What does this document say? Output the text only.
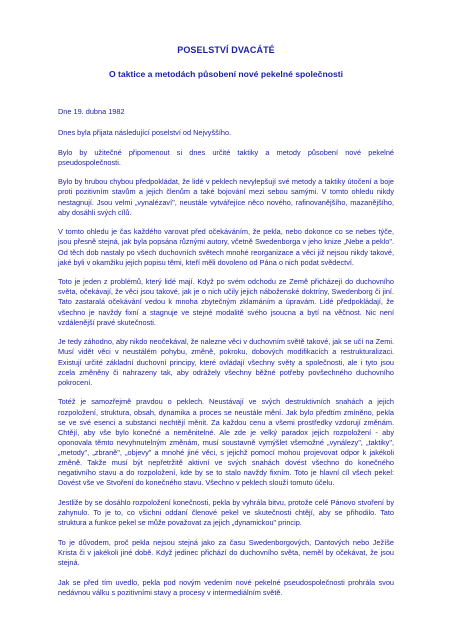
POSELSTVÍ DVACÁTÉ
O taktice a metodách působení nové pekelné společnosti
Dne 19. dubna 1982
Dnes byla přijata následující poselství od Nejvyššího.
Bylo by užitečné připomenout si dnes určité taktiky a metody působení nové pekelné pseudospolečnosti.
Bylo by hrubou chybou předpokládat, že lidé v peklech nevylepšují své metody a taktiky útočení a boje proti pozitivním stavům a jejich členům a také bojování mezi sebou samými. V tomto ohledu nikdy nestagnují. Jsou velmi „vynalézaví", neustále vytvářejíce něco nového, rafinovanějšího, mazanějšího, aby dosáhli svých cílů.
V tomto ohledu je čas každého varovat před očekáváním, že pekla, nebo dokonce co se nebes týče, jsou přesně stejná, jak byla popsána různými autory, včetně Swedenborga v jeho knize „Nebe a peklo". Od těch dob nastaly po všech duchovních světech mnohé reorganizace a věci již nejsou nikdy takové, jaké byli v okamžiku jejich popisu těmi, kteří měli dovoleno od Pána o nich podat svědectví.
Toto je jeden z problémů, který lidé mají. Když po svém odchodu ze Země přicházejí do duchovního světa, očekávají, že věci jsou takové, jak je o nich učily jejich náboženské doktríny, Swedenborg či jiní. Tato zastaralá očekávání vedou k mnoha zbytečným zklamáním a úpravám. Lidé předpokládají, že všechno je navždy fixní a stagnuje ve stejné modalitě svého jsoucna a bytí na věčnost. Nic není vzdálenější pravé skutečnosti.
Je tedy záhodno, aby nikdo neočekával, že nalezne věci v duchovním světě takové, jak se učí na Zemi. Musí vidět věci v neustálém pohybu, změně, pokroku, dobových modifikacích a restrukturalizaci. Existují určité základní duchovní principy, které ovládají všechny světy a společnosti, ale i tyto jsou zcela změněny či nahrazeny tak, aby odrážely všechny běžné potřeby povšechného duchovního pokrocení.
Totéž je samozřejmě pravdou o peklech. Neustávají ve svých destruktivních snahách a jejich rozpoložení, struktura, obsah, dynamika a proces se neustále mění. Jak bylo předtím zmíněno, pekla se ve své esenci a substanci nechtějí měnit. Za každou cenu a všemi prostředky vzdorují změnám. Chtějí, aby vše bylo konečné a neměnitelné. Ale zde je velký paradox jejich rozpoložení - aby oponovala těmto nevyhnutelným změnám, musí soustavně vymýšlet všemožné „vynálezy", „taktiky", „metody", „zbraně", „objevy" a mnohé jiné věci, s jejichž pomocí mohou projevovat odpor k jakékoli změně. Takže musí být nepřetržitě aktivní ve svých snahách dovést všechno do konečného negativního stavu a do rozpoložení, kde by se to stalo navždy fixním. Toto je hlavní cíl všech pekel: Dovést vše ve Stvoření do konečného stavu. Všechno v peklech slouží tomuto účelu.
Jestliže by se dosáhlo rozpoložení konečnosti, pekla by vyhrála bitvu, protože celé Pánovo stvoření by zahynulo. To je to, co všichni oddaní členové pekel ve skutečnosti chtějí, aby se přihodilo. Tato struktura a funkce pekel se může považovat za jejich „dynamickou" princip.
To je důvodem, proč pekla nejsou stejná jako za času Swedenborgových, Dantových nebo Ježíše Krista či v jakékoli jiné době. Když jedinec přichází do duchovního světa, neměl by očekávat, že jsou stejná.
Jak se před tím uvedlo, pekla pod novým vedením nové pekelné pseudospolečnosti prohrála svou nedávnou válku s pozitivními stavy a procesy v intermediálním světě.
